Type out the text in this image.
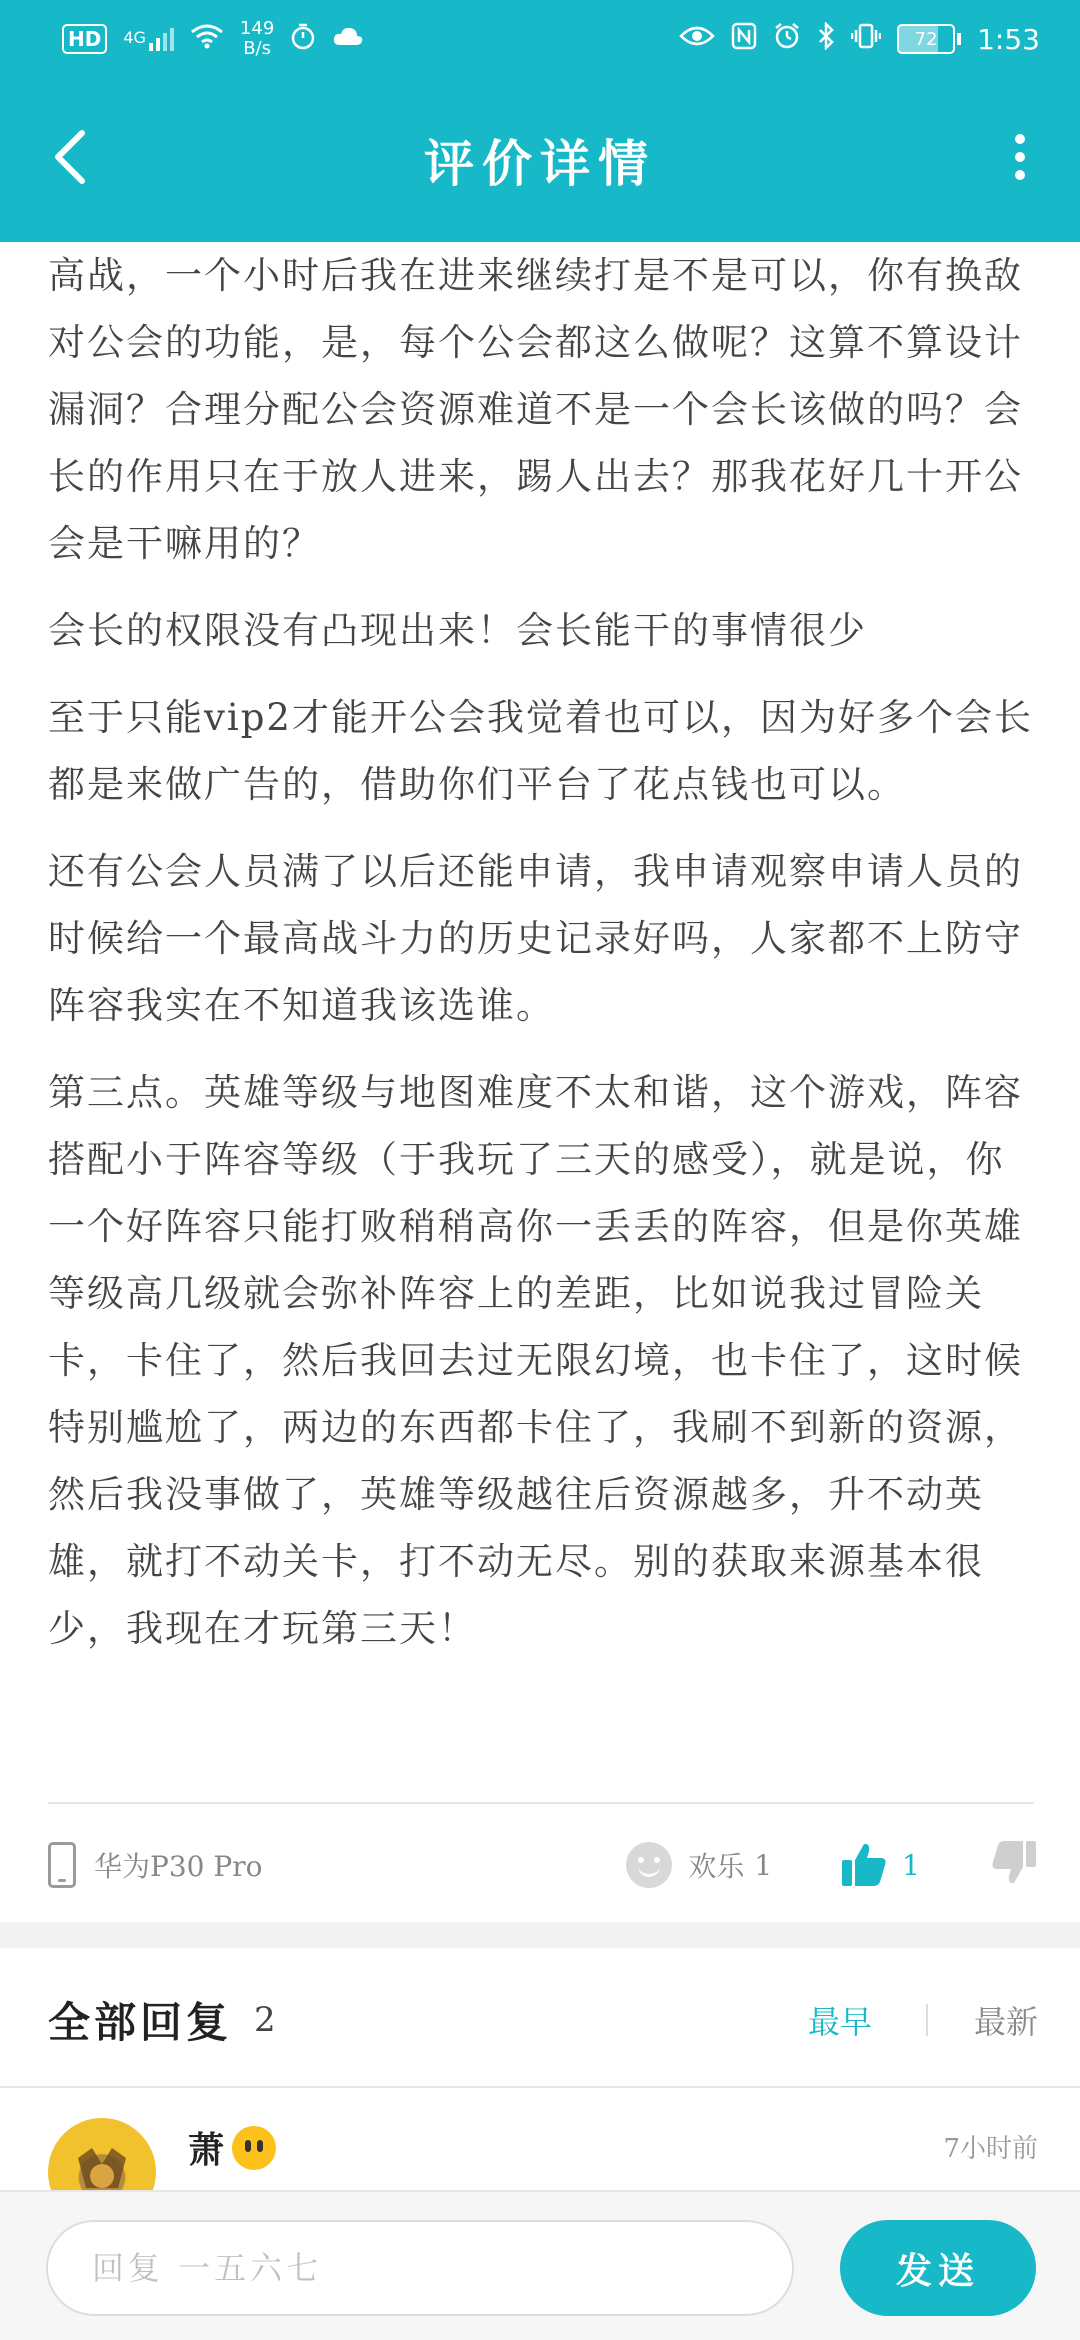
HD	4G	149
B/s	72 1:53
评价详情

高战，一个小时后我在进来继续打是不是可以，你有换敌对公会的功能，是，每个公会都这么做呢？这算不算设计漏洞？合理分配公会资源难道不是一个会长该做的吗？会长的作用只在于放人进来，踢人出去？那我花好几十开公会是干嘛用的？

会长的权限没有凸现出来！会长能干的事情很少

至于只能vip2才能开公会我觉着也可以，因为好多个会长都是来做广告的，借助你们平台了花点钱也可以。

还有公会人员满了以后还能申请，我申请观察申请人员的时候给一个最高战斗力的历史记录好吗，人家都不上防守阵容我实在不知道我该选谁。

第三点。英雄等级与地图难度不太和谐，这个游戏，阵容搭配小于阵容等级（于我玩了三天的感受），就是说，你一个好阵容只能打败稍稍高你一丢丢的阵容，但是你英雄等级高几级就会弥补阵容上的差距，比如说我过冒险关卡，卡住了，然后我回去过无限幻境，也卡住了，这时候特别尴尬了，两边的东西都卡住了，我刷不到新的资源，然后我没事做了，英雄等级越往后资源越多，升不动英雄，就打不动关卡，打不动无尽。别的获取来源基本很少，我现在才玩第三天！

华为P30 Pro	欢乐 1	1
全部回复 2	最早	最新
萧	7小时前
回复 一五六七
发送
